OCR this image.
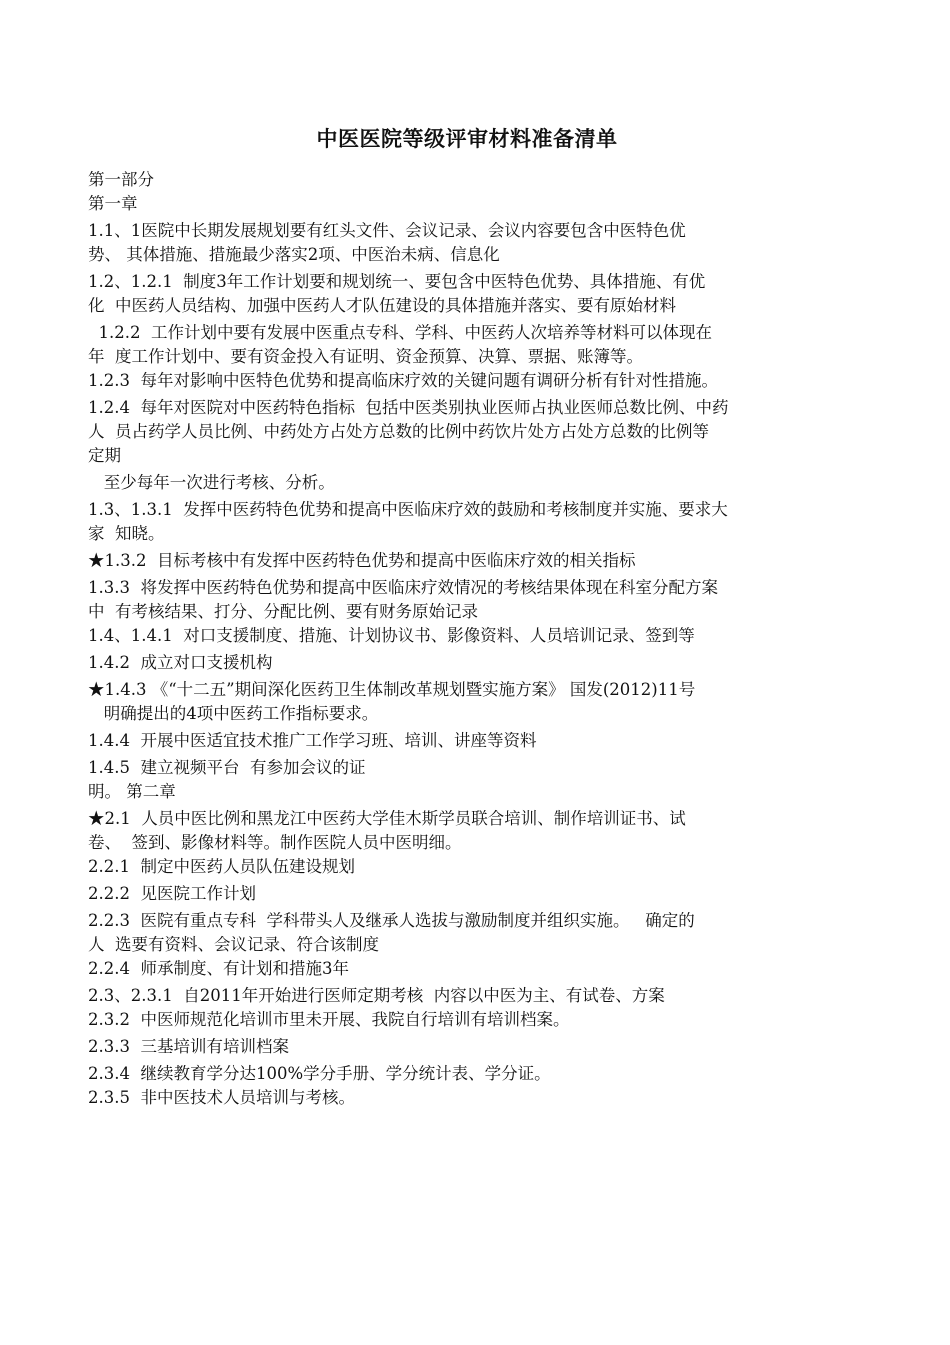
中医医院等级评审材料准备清单
第一部分
第一章
1.1、1医院中长期发展规划要有红头文件、会议记录、会议内容要包含中医特色优
势、 其体措施、措施最少落实2项、中医治未病、信息化
1.2、1.2.1  制度3年工作计划要和规划统一、要包含中医特色优势、具体措施、有优
化  中医药人员结构、加强中医药人才队伍建设的具体措施并落实、要有原始材料
1.2.2  工作计划中要有发展中医重点专科、学科、中医药人次培养等材料可以体现在
年  度工作计划中、要有资金投入有证明、资金预算、决算、票据、账簿等。
1.2.3  每年对影响中医特色优势和提高临床疗效的关键问题有调研分析有针对性措施。
1.2.4  每年对医院对中医药特色指标  包括中医类别执业医师占执业医师总数比例、中药
人  员占药学人员比例、中药处方占处方总数的比例中药饮片处方占处方总数的比例等
定期
至少每年一次进行考核、分析。
1.3、1.3.1  发挥中医药特色优势和提高中医临床疗效的鼓励和考核制度并实施、要求大
家  知晓。
★1.3.2  目标考核中有发挥中医药特色优势和提高中医临床疗效的相关指标
1.3.3  将发挥中医药特色优势和提高中医临床疗效情况的考核结果体现在科室分配方案
中  有考核结果、打分、分配比例、要有财务原始记录
1.4、1.4.1  对口支援制度、措施、计划协议书、影像资料、人员培训记录、签到等
1.4.2  成立对口支援机构
★1.4.3 《“十二五”期间深化医药卫生体制改革规划暨实施方案》 国发(2012)11号
明确提出的4项中医药工作指标要求。
1.4.4  开展中医适宜技术推广工作学习班、培训、讲座等资料
1.4.5  建立视频平台  有参加会议的证
明。 第二章
★2.1  人员中医比例和黑龙江中医药大学佳木斯学员联合培训、制作培训证书、试
卷、  签到、影像材料等。制作医院人员中医明细。
2.2.1  制定中医药人员队伍建设规划
2.2.2  见医院工作计划
2.2.3  医院有重点专科  学科带头人及继承人选拔与激励制度并组织实施。   确定的
人  选要有资料、会议记录、符合该制度
2.2.4  师承制度、有计划和措施3年
2.3、2.3.1  自2011年开始进行医师定期考核  内容以中医为主、有试卷、方案
2.3.2  中医师规范化培训市里未开展、我院自行培训有培训档案。
2.3.3  三基培训有培训档案
2.3.4  继续教育学分达100%学分手册、学分统计表、学分证。
2.3.5  非中医技术人员培训与考核。
